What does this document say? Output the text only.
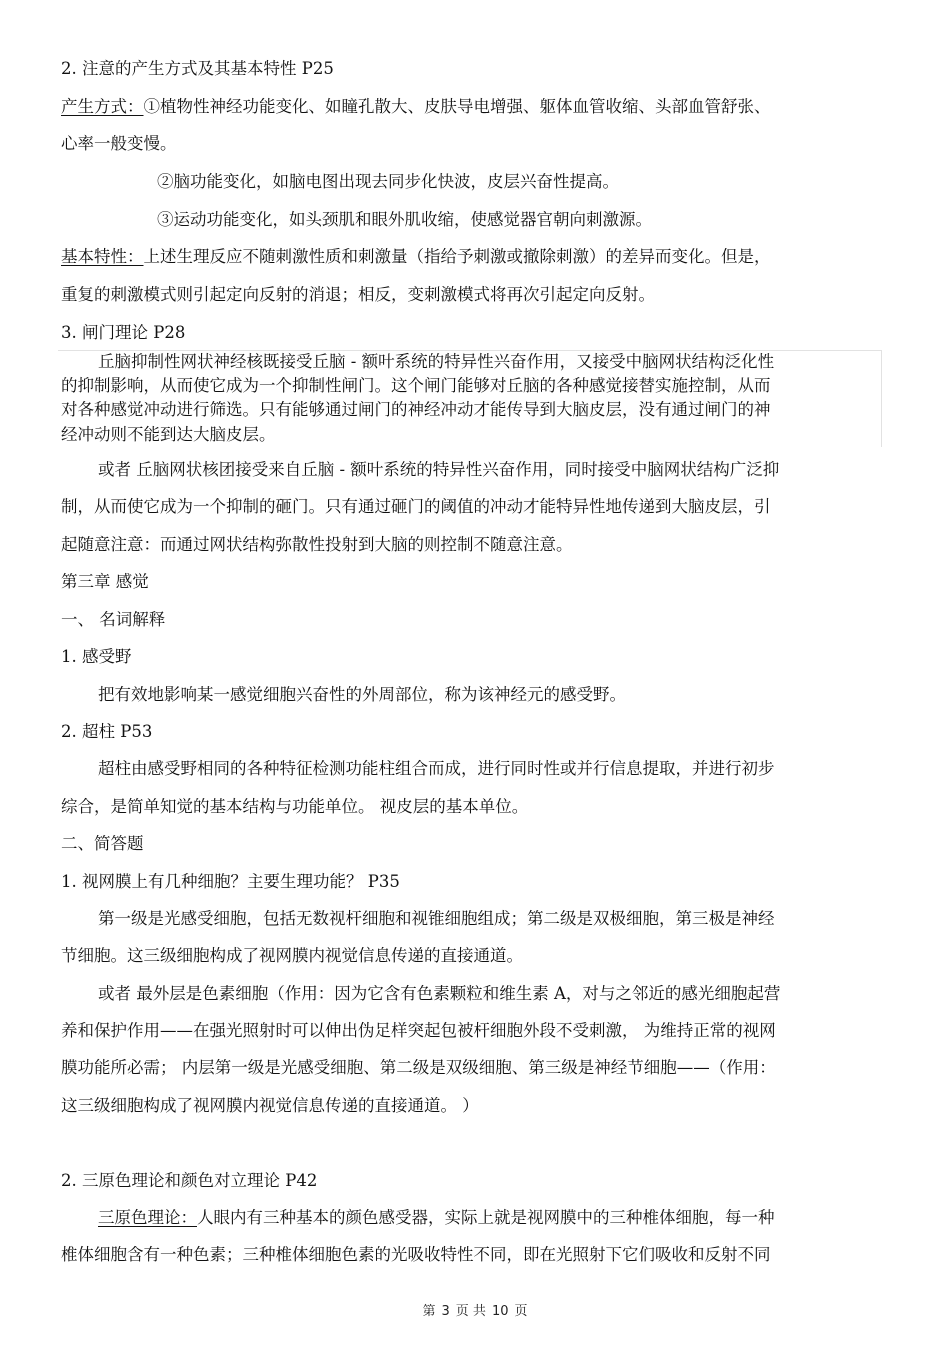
2. 注意的产生方式及其基本特性 P25
产生方式：①植物性神经功能变化、如瞳孔散大、皮肤导电增强、躯体血管收缩、头部血管舒张、
心率一般变慢。
②脑功能变化，如脑电图出现去同步化快波，皮层兴奋性提高。
③运动功能变化，如头颈肌和眼外肌收缩，使感觉器官朝向刺激源。
基本特性：上述生理反应不随刺激性质和刺激量（指给予刺激或撤除刺激）的差异而变化。但是，
重复的刺激模式则引起定向反射的消退；相反，变刺激模式将再次引起定向反射。
3. 闸门理论 P28
丘脑抑制性网状神经核既接受丘脑 - 额叶系统的特异性兴奋作用，又接受中脑网状结构泛化性
的抑制影响，从而使它成为一个抑制性闸门。这个闸门能够对丘脑的各种感觉接替实施控制，从而
对各种感觉冲动进行筛选。只有能够通过闸门的神经冲动才能传导到大脑皮层，没有通过闸门的神
经冲动则不能到达大脑皮层。
或者 丘脑网状核团接受来自丘脑 - 额叶系统的特异性兴奋作用，同时接受中脑网状结构广泛抑
制，从而使它成为一个抑制的砸门。只有通过砸门的阈值的冲动才能特异性地传递到大脑皮层，引
起随意注意：而通过网状结构弥散性投射到大脑的则控制不随意注意。
第三章 感觉
一、 名词解释
1. 感受野
把有效地影响某一感觉细胞兴奋性的外周部位，称为该神经元的感受野。
2. 超柱 P53
超柱由感受野相同的各种特征检测功能柱组合而成，进行同时性或并行信息提取，并进行初步
综合，是简单知觉的基本结构与功能单位。 视皮层的基本单位。
二、简答题
1. 视网膜上有几种细胞？主要生理功能？ P35
第一级是光感受细胞，包括无数视杆细胞和视锥细胞组成；第二级是双极细胞，第三极是神经
节细胞。这三级细胞构成了视网膜内视觉信息传递的直接通道。
或者 最外层是色素细胞（作用：因为它含有色素颗粒和维生素 A，对与之邻近的感光细胞起营
养和保护作用——在强光照射时可以伸出伪足样突起包被杆细胞外段不受刺激， 为维持正常的视网
膜功能所必需； 内层第一级是光感受细胞、第二级是双级细胞、第三级是神经节细胞——（作用：
这三级细胞构成了视网膜内视觉信息传递的直接通道。 ）
2. 三原色理论和颜色对立理论 P42
三原色理论：人眼内有三种基本的颜色感受器，实际上就是视网膜中的三种椎体细胞，每一种
椎体细胞含有一种色素；三种椎体细胞色素的光吸收特性不同，即在光照射下它们吸收和反射不同
第 3 页 共 10 页
